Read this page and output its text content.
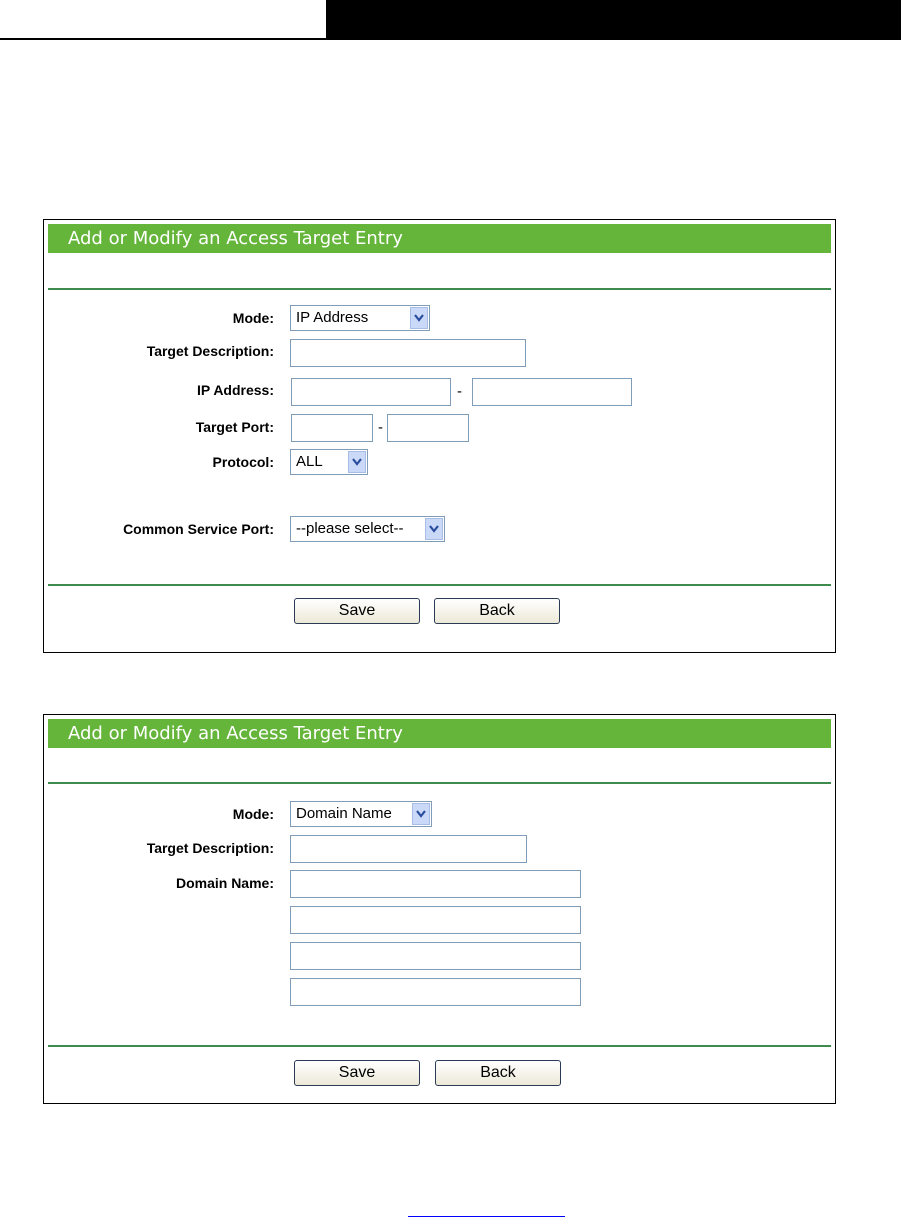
Add or Modify an Access Target Entry
Mode:	IP Address
Target Description:
IP Address:	-
Target Port:	-
Protocol:	ALL
Common Service Port:	--please select--
Save	Back
Add or Modify an Access Target Entry
Mode:	Domain Name
Target Description:
Domain Name:
Save	Back
